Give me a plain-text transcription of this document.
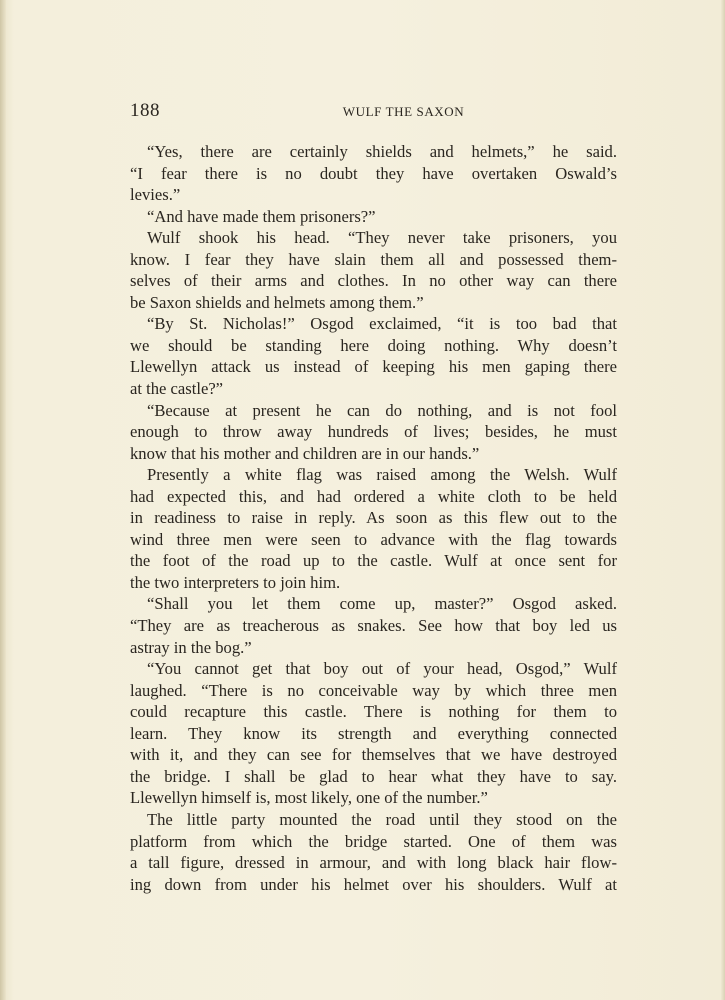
188	WULF THE SAXON
“Yes, there are certainly shields and helmets,” he said.
“I fear there is no doubt they have overtaken Oswald’s
levies.”
“And have made them prisoners?”
Wulf shook his head. “They never take prisoners, you
know. I fear they have slain them all and possessed them-
selves of their arms and clothes. In no other way can there
be Saxon shields and helmets among them.”
“By St. Nicholas!” Osgod exclaimed, “it is too bad that
we should be standing here doing nothing. Why doesn’t
Llewellyn attack us instead of keeping his men gaping there
at the castle?”
“Because at present he can do nothing, and is not fool
enough to throw away hundreds of lives; besides, he must
know that his mother and children are in our hands.”
Presently a white flag was raised among the Welsh. Wulf
had expected this, and had ordered a white cloth to be held
in readiness to raise in reply. As soon as this flew out to the
wind three men were seen to advance with the flag towards
the foot of the road up to the castle. Wulf at once sent for
the two interpreters to join him.
“Shall you let them come up, master?” Osgod asked.
“They are as treacherous as snakes. See how that boy led us
astray in the bog.”
“You cannot get that boy out of your head, Osgod,” Wulf
laughed. “There is no conceivable way by which three men
could recapture this castle. There is nothing for them to
learn. They know its strength and everything connected
with it, and they can see for themselves that we have destroyed
the bridge. I shall be glad to hear what they have to say.
Llewellyn himself is, most likely, one of the number.”
The little party mounted the road until they stood on the
platform from which the bridge started. One of them was
a tall figure, dressed in armour, and with long black hair flow-
ing down from under his helmet over his shoulders. Wulf at
